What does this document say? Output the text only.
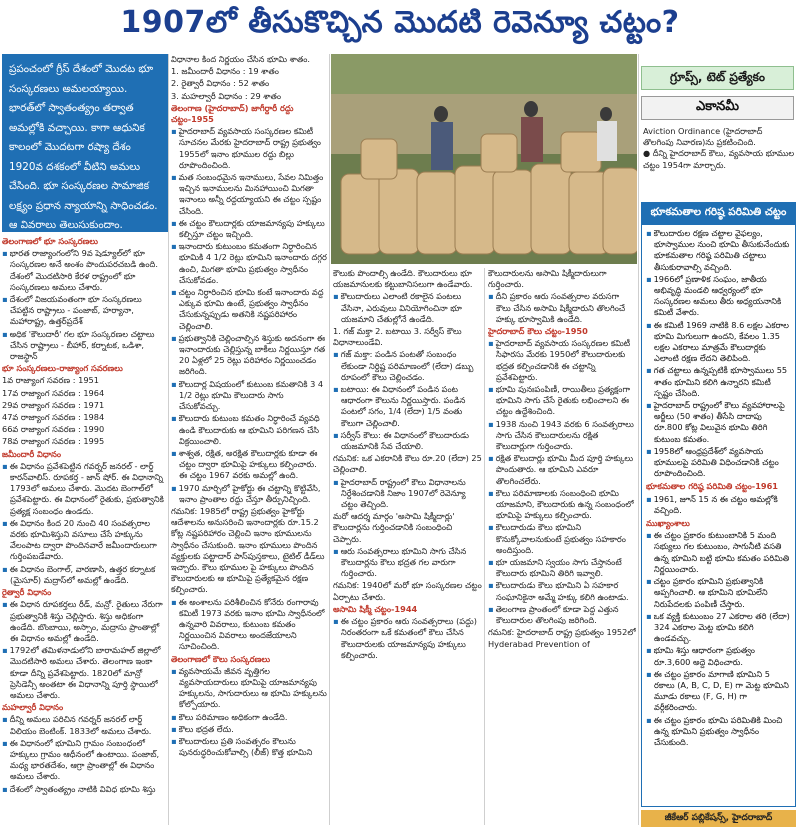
1907లో తీసుకొచ్చిన మొదటి రెవెన్యూ చట్టం?
ప్రపంచంలో గ్రీస్‌ దేశంలో మొదట భూ సంస్కరణలు అమలయ్యాయి. భారత్‌లో స్వాతంత్య్రం తర్వాత అమల్లోకి వచ్చాయి. కాగా ఆధునిక కాలంలో మొదటగా రష్యా దేశం 1920వ దశకంలో వీటిని అమలు చేసింది. భూ సంస్కరణల సామాజిక లక్ష్యం ప్రధాన న్యాయాన్ని సాధించడం. ఆ వివరాలు తెలుసుకుందాం.

తెలంగాణలో భూ సంస్కరణలు

▪ భారత రాజ్యాంగంలోని 9వ షెడ్యూల్‌లో భూ సంస్కరణల అనే అంశం పొందుపరచబడి ఉంది. దేశంలో మొదటిసారి కేరళ రాష్ట్రంలో భూ సంస్కరణలు అమలు చేశారు.

▪ దేశంలో విజయవంతంగా భూ సంస్కరణలు చేపట్టిన రాష్ట్రాలు - పంజాబ్‌, హర్యానా, మహారాష్ట్ర, ఉత్తర్‌ప్రదేశ్‌

▪ అధిక 'కౌలుదారీ' గల భూ సంస్కరణల చట్టాలు చేసిన రాష్ట్రాలు - బీహార్‌, కర్నాటక, ఒడిశా, రాజస్థాన్‌

భూ సంస్కరణలు-రాజ్యాంగ సవరణలు

1వ రాజ్యాంగ సవరణ : 1951

17వ రాజ్యాంగ సవరణ : 1964

29వ రాజ్యాంగ సవరణ : 1971

47వ రాజ్యాంగ సవరణ : 1984

66వ రాజ్యాంగ సవరణ : 1990

78వ రాజ్యాంగ సవరణ : 1995

జమీందారీ విధానం

▪ ఈ విధానం ప్రవేశపెట్టిన గవర్నర్‌ జనరల్‌ - లార్డ్‌ కారన్‌వాలిస్‌. రూపకర్త - జాన్‌ షోర్‌. ఈ విధానాన్ని 1793లో అమలు చేశారు. మొదట బెంగాల్‌లో ప్రవేశపెట్టారు. ఈ విధానంలో రైతుకు, ప్రభుత్వానికి ప్రత్యక్ష సంబంధం ఉండదు.

▪ ఈ విధానం కింద 20 నుంచి 40 సంవత్సరాల వరకు భూమిశిస్తుని వసూలు చేసే హక్కును వేలంపాట ద్వారా పొందినవారే జమీందారులుగా గుర్తింపబడేవారు.

▪ ఈ విధానం బెంగాల్‌, వారణాసి, ఉత్తర కర్నాటక (మైసూర్‌) మద్రాస్‌లో అమల్లో ఉండేది.

రైత్వారీ విధానం

▪ ఈ విధాన రూపకర్తలు రీడ్‌, మన్రో. రైతులు నేరుగా ప్రభుత్వానికి శిస్తు చెల్లిస్తారు. శిస్తు అధికంగా ఉండేది. బొంబాయి, అస్సాం, మద్రాసు ప్రాంతాల్లో ఈ విధానం అమల్లో ఉండేది.

▪ 1792లో తమిళనాడులోని బారామహల్‌ జిల్లాలో మొదటిసారి అమలు చేశారు. తెలంగాణ ఇంకా కూడా దీన్ని ప్రవేశపెట్టారు. 1820లో మాన్రో ప్రెసిడెన్సీ అంతటా ఈ విధానాన్ని పూర్తి స్థాయిలో అమలు చేశారు.

మహల్వారీ విధానం

▪ దీన్ని అమలు పరిచిన గవర్నర్‌ జనరల్‌ లార్డ్‌ విలియం బెంటింక్‌. 1833లో అమలు చేశారు.

▪ ఈ విధానంలో భూమిని గ్రామం సంబంధంలో హక్కులు గ్రామం ఆధీనంలో ఉంటాయి. పంజాబ్‌, మధ్య భారతదేశం, ఆగ్రా ప్రాంతాల్లో ఈ విధానం అమలు చేశారు.

▪ దేశంలో స్వాతంత్య్రం నాటికి వివిధ భూమి శిస్తు

విధానాల కింద నిర్ణయం చేసిన భూమి శాతం.

1. జమీందారీ విధానం : 19 శాతం

2. రైత్వారీ విధానం : 52 శాతం

3. మహల్వారీ విధానం : 29 శాతం

తెలంగాణ (హైదరాబాద్‌) జాగీర్దారీ రద్దు చట్టం-1955

▪ హైదరాబాద్‌ వ్యవసాయ సంస్కరణల కమిటీ సూచనల మేరకు హైదరాబాద్‌ రాష్ట్ర ప్రభుత్వం 1955లో ఇనాం భూముల రద్దు బిల్లు రూపొందించింది.

▪ మత సంబంధమైన ఇనాములు, సేవల నిమిత్తం ఇచ్చిన ఇనాములను మినహాయించి మిగతా ఇనాంలు అన్నీ రద్దయ్యాయని ఈ చట్టం స్పష్టం చేసింది.

▪ ఈ చట్టం కౌలుదార్లకు యాజమాన్యపు హక్కులు కల్పిస్తూ చట్టం ఇచ్చింది.

▪ ఇనాందారు కుటుంబం కమతంగా నిర్ధారించిన భూమికి 4 1/2 రెట్లు భూమిని ఇనాందారు దగ్గర ఉంచి, మిగతా భూమి ప్రభుత్వం స్వాధీనం చేసుకోవడం.

▪ చట్టం నిర్ధారించిన భూమి కంటే ఇనాందారు వద్ద ఎక్కువ భూమి ఉంటే, ప్రభుత్వం స్వాధీనం చేసుకున్నప్పుడు అతనికి నష్టపరిహారం చెల్లించాలి.

▪ ప్రభుత్వానికి చెల్లించాల్సిన శిస్తుకు అదనంగా ఈ ఇనాందారుకు చెల్లిస్తున్న బాకీలు నిర్ణయిస్తూ గత 20 ఏళ్లలో 25 రెట్లు పరిహారం నిర్ణయించడం జరిగింది.

▪ కౌలుదార్ల విషయంలో కుటుంబ కమతానికి 3 4 1/2 రెట్లు భూమి కౌలుదారు సాగు చేసుకోవచ్చు.

▪ కౌలుదారు కుటుంబ కమతం నిర్ధారించే వ్యవధి ఉండి కౌలుదారుకు ఆ భూమిని పరిగణన చేసి విక్రయించాలి.

▪ శాశ్వత, రక్షిత, అరక్షిత కౌలుదార్లకు కూడా ఈ చట్టం ద్వారా భూమిపై హక్కులు కల్పించారు. ఈ చట్టం 1967 వరకు అమల్లో ఉంది.

▪ 1970 మార్చిలో హైకోర్టు ఈ చట్టాన్ని కొట్టివేసి, ఇనాం ప్రాంతాల రద్దు చేస్తూ తీర్పునిచ్చింది.

గమనిక: 1985లో రాష్ట్ర ప్రభుత్వం హైకోర్టు ఆదేశాలను అనుసరించి ఇనాందార్లకు రూ.15.2 కోట్ల నష్టపరిహారం చెల్లించి ఇనాం భూములను స్వాధీనం చేసుకుంది. ఇనాం భూములు పొందిన వ్యక్తులకు పట్టాదార్‌ పాస్‌పుస్తకాలు, టైటిల్‌ డీడ్‌లు ఇచ్చారు. కౌలు భూముల పై హక్కులు పొందిన కౌలుదారులకు ఆ భూమిపై ప్రత్యేకమైన రక్షణ కల్పించారు.

▪ ఈ అంశాలను పరిశీలించిన కోనేరు రంగారావు కమిటీ 1973 వరకు ఇనాం భూమి స్వాధీనంలో ఉన్నవారి వివరాలు, కుటుంబ కమతం నిర్ణయించిన వివరాలు అందజేయాలని సూచించింది.

తెలంగాణలో కౌలు సంస్కరణలు

▪ వ్యవసాయమే జీవన వృత్తిగల వ్యవసాయదారులు భూమిపై యాజమాన్యపు హక్కులను, సాగుదారులు ఆ భూమి హక్కులను కోల్పోయారు.

▪ కౌలు పరిమాణం అధికంగా ఉండేది.

▪ కౌలు భద్రత లేదు.

▪ కౌలుదారులు ప్రతి సంవత్సరం కౌలును పునరుద్ధరించుకోవాల్సి (లీజ్‌) కొత్త భూమిని

కౌలుకు పొందాల్సి ఉండేది. కౌలుదారులు భూ యజమానులకు కట్టుబానిసలుగా ఉండేవారు.

▪ కౌలుదారులు ఎలాంటి రకాలైన పంటలు వేసినా, ఎరువులు వినియోగించినా భూ యజమాని చేతుల్లోనే ఉండేది.

1. గజ్‌ మక్తా 2. బటాయి 3. సర్వీస్‌ కౌలు విధానాలుండేవి.

▪ గజ్‌ మక్తా: పండిన పంటతో సంబంధం లేకుండా నిర్దిష్ట పరిమాణంలో (లేదా) డబ్బు రూపంలో కౌలు చెల్లించడం.

▪ బటాయి: ఈ విధానంలో పండిన పంట ఆధారంగా కౌలును నిర్ణయిస్తారు. పండిన పంటలో సగం, 1/4 (లేదా) 1/5 వంతు కౌలుగా చెల్లించాలి.

▪ సర్వీస్‌ కౌలు: ఈ విధానంలో కౌలుదారుడు యజమానికి సేవ చేయాలి.

గమనిక: ఒక ఎకరానికి కౌలు రూ.20 (లేదా) 25 చెల్లించాలి.

▪ హైదరాబాద్‌ రాష్ట్రంలో కౌలు విధానాలను నిర్దేశించడానికి నిజాం 1907లో రెవెన్యూ చట్టం తెచ్చింది.

మరో ఆదర్శ మార్గం 'అసామి షిక్మీదార్లు' కౌలుదార్లను గుర్తించడానికి సంబంధించి చెప్పారు.

▪ ఆరు సంవత్సరాలు భూమిని సాగు చేసిన కౌలుదార్లను కౌలు భద్రత గల వారుగా గుర్తించారు.

గమనిక: 1940లో మరో భూ సంస్కరణల చట్టం ఏర్పాటు చేశారు.

అసామి షిక్మీ చట్టం-1944

▪ ఈ చట్టం ప్రకారం ఆరు సంవత్సరాలు (పద్దు) నిరంతరంగా ఒకే కమతంలో కౌలు చేసిన కౌలుదారులకు యాజమాన్యపు హక్కులు కల్పించారు.

కౌలుదారులను అసామి షిక్మీదారులుగా గుర్తించారు.

▪ దీని ప్రకారం ఆరు సంవత్సరాల వరుసగా కౌలు చేసిన అసామి షిక్మీదారుని తొలగించే హక్కు భూస్వామికి ఉండేది.

హైదరాబాద్‌ కౌలు చట్టం-1950

▪ హైదరాబాద్‌ వ్యవసాయ సంస్కరణల కమిటీ సిఫారసు మేరకు 1950లో కౌలుదారులకు భద్రత కల్పించడానికి ఈ చట్టాన్ని ప్రవేశపెట్టారు.

▪ భూమి పునఃపంపిణీ, రాయితీలు ప్రత్యక్షంగా భూమిని సాగు చేసే రైతుకు లభించాలని ఈ చట్టం ఉద్దేశించింది.

▪ 1938 నుంచి 1943 వరకు 6 సంవత్సరాలు సాగు చేసిన కౌలుదారులను రక్షిత కౌలుదార్లుగా గుర్తించారు.

▪ రక్షిత కౌలుదార్లు భూమి మీద పూర్తి హక్కులు పొందుతారు. ఆ భూమిని ఎవరూ తొలగించలేరు.

▪ కౌలు పరిమాణాలకు సంబంధించి భూమి యాజమాని, కౌలుదారుకు ఉన్న సంబంధంలో భూమిపై హక్కులు కల్పించారు.

▪ కౌలుదారుడు కౌలు భూమిని కొనుక్కోవాలనుకుంటే ప్రభుత్వం సహకారం అందిస్తుంది.

▪ భూ యజమాని స్వయం సాగు చేస్తానంటే కౌలుదారు భూమిని తిరిగి ఇవ్వాలి.

▪ కౌలుదారుడు కౌలు భూమిని ఏ సహకార సంఘానికైనా అమ్మే హక్కు కలిగి ఉంటాడు.

▪ తెలంగాణ ప్రాంతంలో కూడా పెద్ద ఎత్తున కౌలుదారుల తొలగింపు జరిగింది.

గమనిక: హైదరాబాద్‌ రాష్ట్ర ప్రభుత్వం 1952లో Hyderabad Prevention of

గ్రూప్స్‌, టెట్‌ ప్రత్యేకం
ఎకానమీ
Aviction Ordinance (హైదరాబాద్‌ తొలగింపు నివారణ)ను ప్రకటించింది.
● దీన్ని హైదరాబాద్‌ కౌలు, వ్యవసాయ భూముల చట్టం 1954గా మార్చారు.
భూకమతాల గరిష్ఠ పరిమితి చట్టం

▪ కౌలుదారుల రక్షణ చట్టాల వైఫల్యం, భూస్వాముల నుంచి భూమి తీసుకునేందుకు భూకమతాల గరిష్ఠ పరిమితి చట్టాలు తీసుకురావాల్సి వచ్చింది.

▪ 1966లో ప్రణాళిక సంఘం, జాతీయ అభివృద్ధి మండలి ఆధ్వర్యంలో భూ సంస్కరణల అమలు తీరు అధ్యయనానికి కమిటీ వేశారు.

▪ ఈ కమిటీ 1969 నాటికి 8.6 లక్షల ఎకరాల భూమి మిగులుగా ఉందని, కేవలం 1.35 లక్షల ఎకరాలు మాత్రమే కౌలుదార్లకు ఎలాంటి రక్షణ లేదని తెలిపింది.

▪ గత చట్టాలు ఉన్నప్పటికీ భూస్వాములు 55 శాతం భూమిని కలిగి ఉన్నారని కమిటీ స్పష్టం చేసింది.

▪ హైదరాబాద్‌ రాష్ట్రంలో కౌలు వ్యవహారాలపై అర్జీలు (50 శాతం) తీసేసి దాదాపు రూ.800 కోట్ల విలువైన భూమి తిరిగి కుటుంబ కమతం.

▪ 1958లో ఆంధ్రప్రదేశ్‌లో వ్యవసాయ భూములపై పరిమితి విధించడానికి చట్టం రూపొందించింది.

భూకమతాల గరిష్ఠ పరిమితి చట్టం-1961

▪ 1961, జూన్‌ 15 న ఈ చట్టం అమల్లోకి వచ్చింది.

ముఖ్యాంశాలు

▪ ఈ చట్టం ప్రకారం కుటుంబానికి 5 మంది సభ్యులు గల కుటుంబం, సాగునీటి వసతి ఉన్న భూమిని బట్టి భూమి కమతం పరిమితి నిర్ణయించారు.

▪ చట్టం ప్రకారం భూమిని ప్రభుత్వానికి అప్పగించాలి. ఆ భూమిని భూమిలేని నిరుపేదలకు పంపిణీ చేస్తారు.

▪ ఒక వ్యక్తి కుటుంబం 27 ఎకరాల తరి (లేదా) 324 ఎకరాల మెట్ట భూమి కలిగి ఉండవచ్చు.

▪ భూమి శిస్తు ఆధారంగా ప్రభుత్వం రూ.3,600 అద్దె విధించారు.

▪ ఈ చట్టం ప్రకారం మాగాణి భూమిని 5 రకాలు (A, B, C, D, E) గా మెట్ట భూమిని మూడు రకాలు (F, G, H) గా వర్గీకరించారు.

▪ ఈ చట్టం ప్రకారం భూమి పరిమితికి మించి ఉన్న భూమిని ప్రభుత్వం స్వాధీనం చేసుకుంది.

జీకేఆర్‌ పబ్లికేషన్స్‌, హైదరాబాద్‌
